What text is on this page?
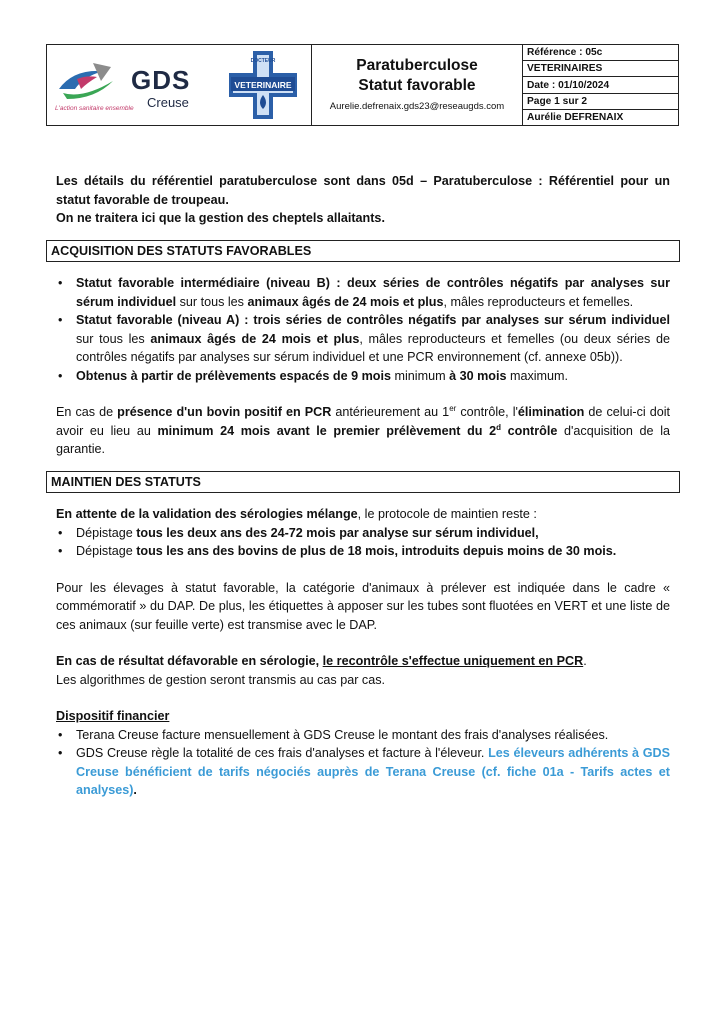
GDS
Creuse
L'action sanitaire ensemble
VETERINAIRE
DOCTEUR	Paratuberculose
Statut favorable
Aurelie.defrenaix.gds23@reseaugds.com
Référence : 05c
VETERINAIRES
Date : 01/10/2024
Page 1 sur 2
Aurélie DEFRENAIX

Les détails du référentiel paratuberculose sont dans 05d – Paratuberculose : Référentiel pour un statut favorable de troupeau.
On ne traitera ici que la gestion des cheptels allaitants.

ACQUISITION DES STATUTS FAVORABLES
• Statut favorable intermédiaire (niveau B) : deux séries de contrôles négatifs par analyses sur sérum individuel sur tous les animaux âgés de 24 mois et plus, mâles reproducteurs et femelles.
• Statut favorable (niveau A) : trois séries de contrôles négatifs par analyses sur sérum individuel sur tous les animaux âgés de 24 mois et plus, mâles reproducteurs et femelles (ou deux séries de contrôles négatifs par analyses sur sérum individuel et une PCR environnement (cf. annexe 05b)).
• Obtenus à partir de prélèvements espacés de 9 mois minimum à 30 mois maximum.

En cas de présence d'un bovin positif en PCR antérieurement au 1er contrôle, l'élimination de celui-ci doit avoir eu lieu au minimum 24 mois avant le premier prélèvement du 2$^d$ contrôle d'acquisition de la garantie.

MAINTIEN DES STATUTS

En attente de la validation des sérologies mélange, le protocole de maintien reste :

• Dépistage tous les deux ans des 24-72 mois par analyse sur sérum individuel,
• Dépistage tous les ans des bovins de plus de 18 mois, introduits depuis moins de 30 mois.

Pour les élevages à statut favorable, la catégorie d'animaux à prélever est indiquée dans le cadre « commémoratif » du DAP. De plus, les étiquettes à apposer sur les tubes sont fluotées en VERT et une liste de ces animaux (sur feuille verte) est transmise avec le DAP.

En cas de résultat défavorable en sérologie, le recontrôle s'effectue uniquement en PCR.

Les algorithmes de gestion seront transmis au cas par cas.

Dispositif financier

• Terana Creuse facture mensuellement à GDS Creuse le montant des frais d'analyses réalisées.
• GDS Creuse règle la totalité de ces frais d'analyses et facture à l'éleveur. Les éleveurs adhérents à GDS Creuse bénéficient de tarifs négociés auprès de Terana Creuse (cf. fiche 01a - Tarifs actes et analyses).
